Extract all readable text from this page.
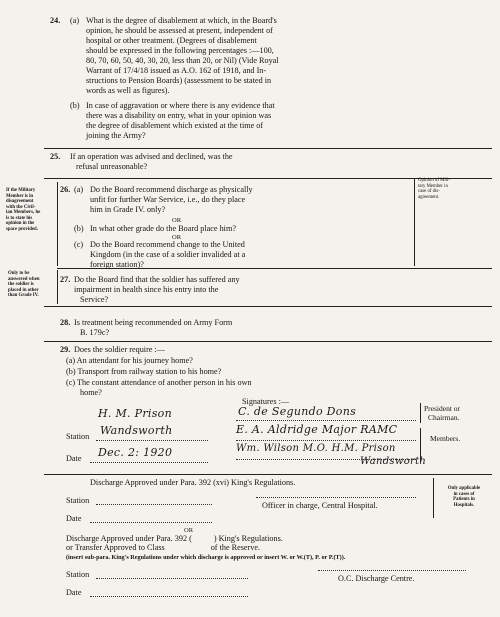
24. (a) What is the degree of disablement at which, in the Board's
opinion, he should be assessed at present, independent of
hospital or other treatment. (Degrees of disablement
should be expressed in the following percentages :—100,
80, 70, 60, 50, 40, 30, 20, less than 20, or Nil) (Vide Royal
Warrant of 17/4/18 issued as A.O. 162 of 1918, and In-
structions to Pension Boards) (assessment to be stated in
words as well as figures).
(b) In case of aggravation or where there is any evidence that
there was a disability on entry, what in your opinion was
the degree of disablement which existed at the time of
joining the Army?
25. If an operation was advised and declined, was the
refusal unreasonable?
If the Military
Member is in
disagreement
with the Civil-
ian Members, he
is to state his
opinion in the
space provided.
Opinion of Mili-
tary Member in
case of dis-
agreement.
26. (a) Do the Board recommend discharge as physically
unfit for further War Service, i.e., do they place
him in Grade IV. only?
OR
(b) In what other grade do the Board place him?
OR
(c) Do the Board recommend change to the United
Kingdom (in the case of a soldier invalided at a
foreign station)?
Only to be
answered when
the soldier is
placed in other
than Grade IV.
27. Do the Board find that the soldier has suffered any
impairment in health since his entry into the
Service?
28. Is treatment being recommended on Army Form
B. 179c?
29. Does the soldier require :—
(a) An attendant for his journey home?
(b) Transport from railway station to his home?
(c) The constant attendance of another person in his own
home?
Signatures :—
H. M. Prison	C. de Segundo Dons	President or
Chairman.
Station Wandsworth	E. A. Aldridge Major RAMC
Members.
Date Dec. 2: 1920	Wm. Wilson M.O. H.M. Prison
Wandsworth
Discharge Approved under Para. 392 (xvi) King's Regulations.
Only applicable
in cases of
Patients in
Hospitals.
Station
Officer in charge, Central Hospital.
Date
OR
Discharge Approved under Para. 392 (	) King's Regulations.
or Transfer Approved to Class	of the Reserve.
(insert sub-para. King's Regulations under which discharge is approved or insert W. or W.(T), P. or P.(T)).
Station	O.C. Discharge Centre.
Date
